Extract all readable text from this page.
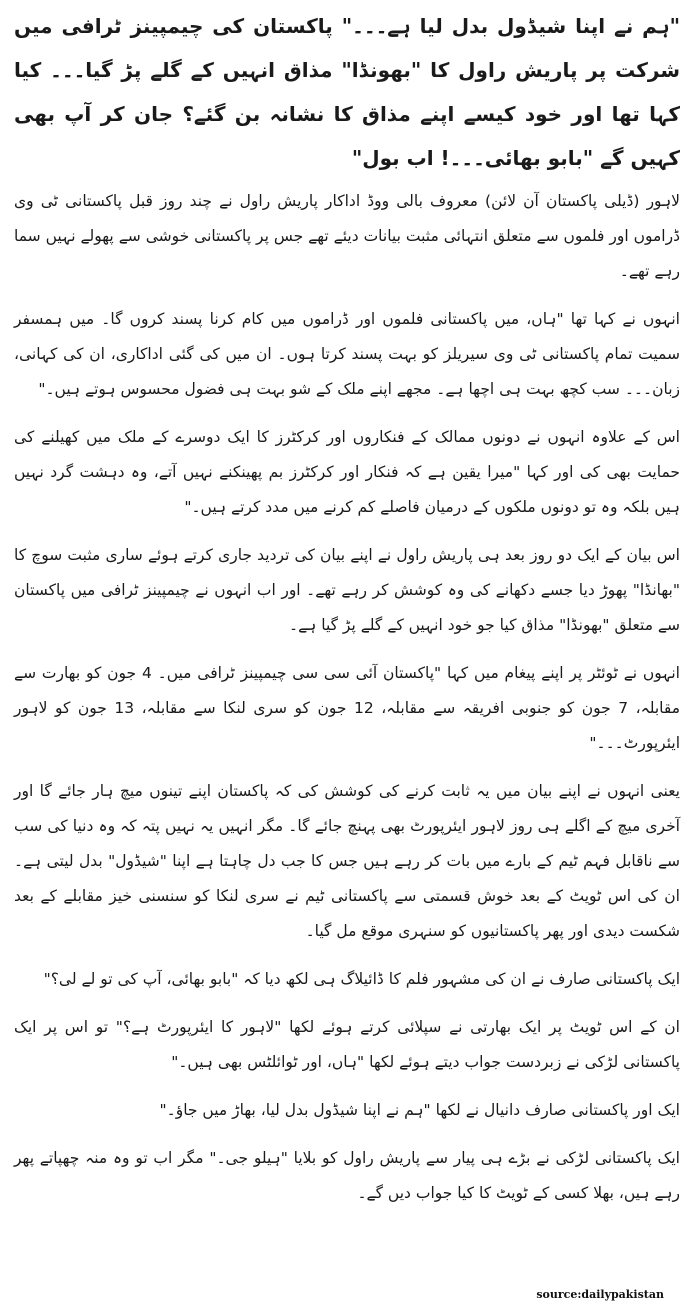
"ہم نے اپنا شیڈول بدل لیا ہے۔۔۔" پاکستان کی چیمپینز ٹرافی میں شرکت پر پاریش راول کا "بھونڈا" مذاق انہیں کے گلے پڑ گیا۔۔۔ کیا کہا تھا اور خود کیسے اپنے مذاق کا نشانہ بن گئے؟ جان کر آپ بھی کہیں گے "بابو بھائی۔۔۔! اب بول"

لاہور (ڈیلی پاکستان آن لائن) معروف بالی ووڈ اداکار پاریش راول نے چند روز قبل پاکستانی ٹی وی ڈراموں اور فلموں سے متعلق انتہائی مثبت بیانات دیئے تھے جس پر پاکستانی خوشی سے پھولے نہیں سما رہے تھے۔

انہوں نے کہا تھا "ہاں، میں پاکستانی فلموں اور ڈراموں میں کام کرنا پسند کروں گا۔ میں ہمسفر سمیت تمام پاکستانی ٹی وی سیریلز کو بہت پسند کرتا ہوں۔ ان میں کی گئی اداکاری، ان کی کہانی، زبان۔۔۔ سب کچھ بہت ہی اچھا ہے۔ مجھے اپنے ملک کے شو بہت ہی فضول محسوس ہوتے ہیں۔"

اس کے علاوہ انہوں نے دونوں ممالک کے فنکاروں اور کرکٹرز کا ایک دوسرے کے ملک میں کھیلنے کی حمایت بھی کی اور کہا "میرا یقین ہے کہ فنکار اور کرکٹرز بم پھینکنے نہیں آتے، وہ دہشت گرد نہیں ہیں بلکہ وہ تو دونوں ملکوں کے درمیان فاصلے کم کرنے میں مدد کرتے ہیں۔"

اس بیان کے ایک دو روز بعد ہی پاریش راول نے اپنے بیان کی تردید جاری کرتے ہوئے ساری مثبت سوچ کا "بھانڈا" پھوڑ دیا جسے دکھانے کی وہ کوشش کر رہے تھے۔ اور اب انہوں نے چیمپینز ٹرافی میں پاکستان سے متعلق "بھونڈا" مذاق کیا جو خود انہیں کے گلے پڑ گیا ہے۔

انہوں نے ٹوئٹر پر اپنے پیغام میں کہا "پاکستان آئی سی سی چیمپینز ٹرافی میں۔ 4 جون کو بھارت سے مقابلہ، 7 جون کو جنوبی افریقہ سے مقابلہ، 12 جون کو سری لنکا سے مقابلہ، 13 جون کو لاہور ایئرپورٹ۔۔۔"

یعنی انہوں نے اپنے بیان میں یہ ثابت کرنے کی کوشش کی کہ پاکستان اپنے تینوں میچ ہار جائے گا اور آخری میچ کے اگلے ہی روز لاہور ایئرپورٹ بھی پہنچ جائے گا۔ مگر انہیں یہ نہیں پتہ کہ وہ دنیا کی سب سے ناقابل فہم ٹیم کے بارے میں بات کر رہے ہیں جس کا جب دل چاہتا ہے اپنا "شیڈول" بدل لیتی ہے۔ ان کی اس ٹویٹ کے بعد خوش قسمتی سے پاکستانی ٹیم نے سری لنکا کو سنسنی خیز مقابلے کے بعد شکست دیدی اور پھر پاکستانیوں کو سنہری موقع مل گیا۔

ایک پاکستانی صارف نے ان کی مشہور فلم کا ڈائیلاگ ہی لکھ دیا کہ "بابو بھائی، آپ کی تو لے لی؟"

ان کے اس ٹویٹ پر ایک بھارتی نے سپلائی کرتے ہوئے لکھا "لاہور کا ایئرپورٹ ہے؟" تو اس پر ایک پاکستانی لڑکی نے زبردست جواب دیتے ہوئے لکھا "ہاں، اور ٹوائلٹس بھی ہیں۔"

ایک اور پاکستانی صارف دانیال نے لکھا "ہم نے اپنا شیڈول بدل لیا، بھاڑ میں جاؤ۔"

ایک پاکستانی لڑکی نے بڑے ہی پیار سے پاریش راول کو بلایا "ہیلو جی۔" مگر اب تو وہ منہ چھپاتے پھر رہے ہیں، بھلا کسی کے ٹویٹ کا کیا جواب دیں گے۔

source:dailypakistan
